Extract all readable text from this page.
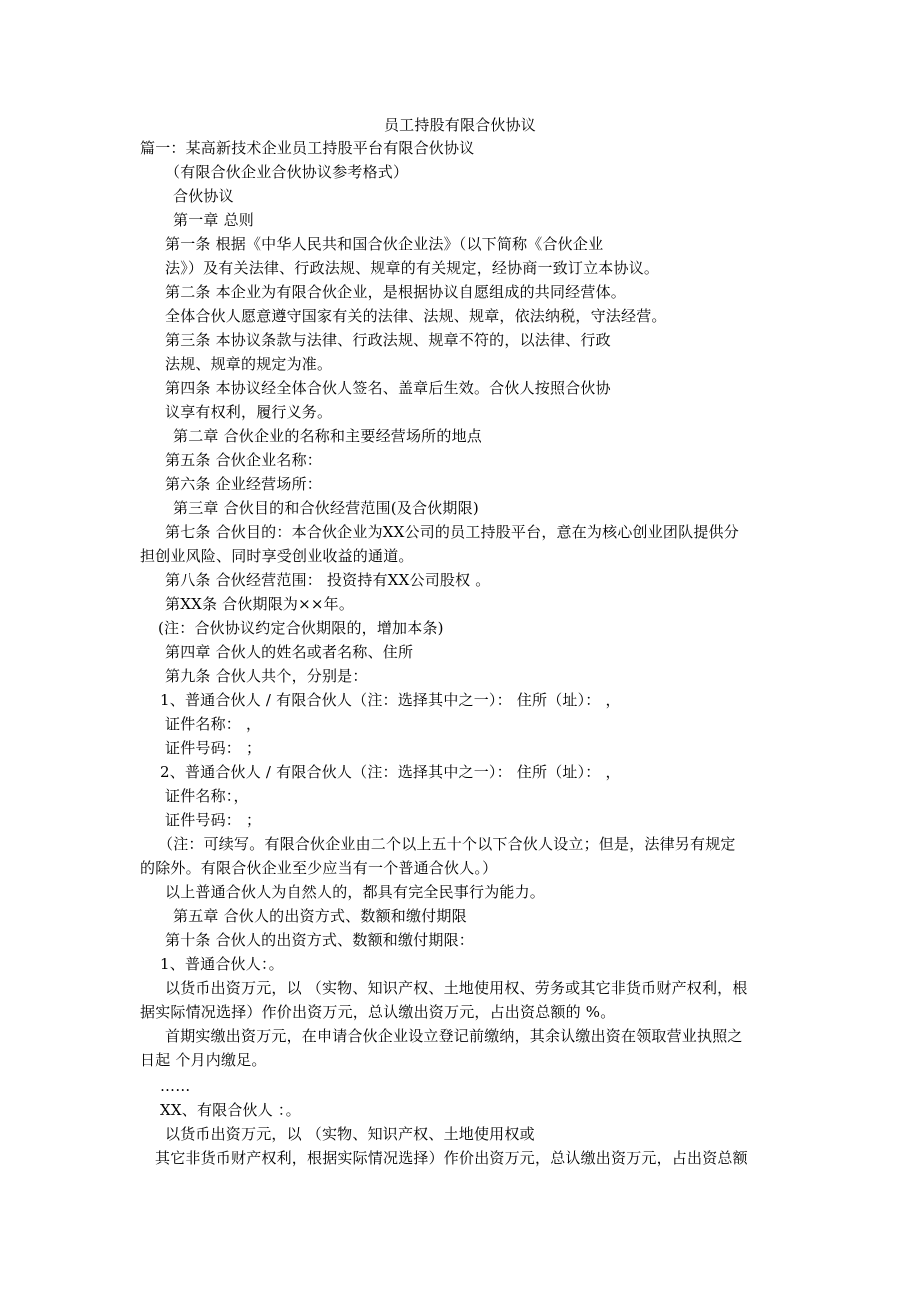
员工持股有限合伙协议
篇一：某高新技术企业员工持股平台有限合伙协议
（有限合伙企业合伙协议参考格式）
合伙协议
第一章 总则
第一条 根据《中华人民共和国合伙企业法》（以下简称《合伙企业
法》）及有关法律、行政法规、规章的有关规定，经协商一致订立本协议。
第二条 本企业为有限合伙企业，是根据协议自愿组成的共同经营体。
全体合伙人愿意遵守国家有关的法律、法规、规章，依法纳税，守法经营。
第三条 本协议条款与法律、行政法规、规章不符的，以法律、行政
法规、规章的规定为准。
第四条 本协议经全体合伙人签名、盖章后生效。合伙人按照合伙协
议享有权利，履行义务。
第二章 合伙企业的名称和主要经营场所的地点
第五条 合伙企业名称：
第六条 企业经营场所：
第三章 合伙目的和合伙经营范围(及合伙期限)
第七条 合伙目的：本合伙企业为XX公司的员工持股平台，意在为核心创业团队提供分
担创业风险、同时享受创业收益的通道。
第八条 合伙经营范围： 投资持有XX公司股权 。
第XX条 合伙期限为××年。
(注：合伙协议约定合伙期限的，增加本条)
第四章 合伙人的姓名或者名称、住所
第九条 合伙人共个，分别是：
1、普通合伙人 / 有限合伙人（注：选择其中之一）： 住所（址）： ，
证件名称： ，
证件号码： ；
2、普通合伙人 / 有限合伙人（注：选择其中之一）： 住所（址）： ，
证件名称：，
证件号码： ；
（注：可续写。有限合伙企业由二个以上五十个以下合伙人设立；但是，法律另有规定
的除外。有限合伙企业至少应当有一个普通合伙人。）
以上普通合伙人为自然人的，都具有完全民事行为能力。
第五章 合伙人的出资方式、数额和缴付期限
第十条 合伙人的出资方式、数额和缴付期限：
1、普通合伙人：。
以货币出资万元，以 （实物、知识产权、土地使用权、劳务或其它非货币财产权利，根
据实际情况选择）作价出资万元，总认缴出资万元，占出资总额的 %。
首期实缴出资万元，在申请合伙企业设立登记前缴纳，其余认缴出资在领取营业执照之
日起 个月内缴足。
……
XX、有限合伙人 ：。
以货币出资万元，以 （实物、知识产权、土地使用权或
其它非货币财产权利，根据实际情况选择）作价出资万元，总认缴出资万元，占出资总额
